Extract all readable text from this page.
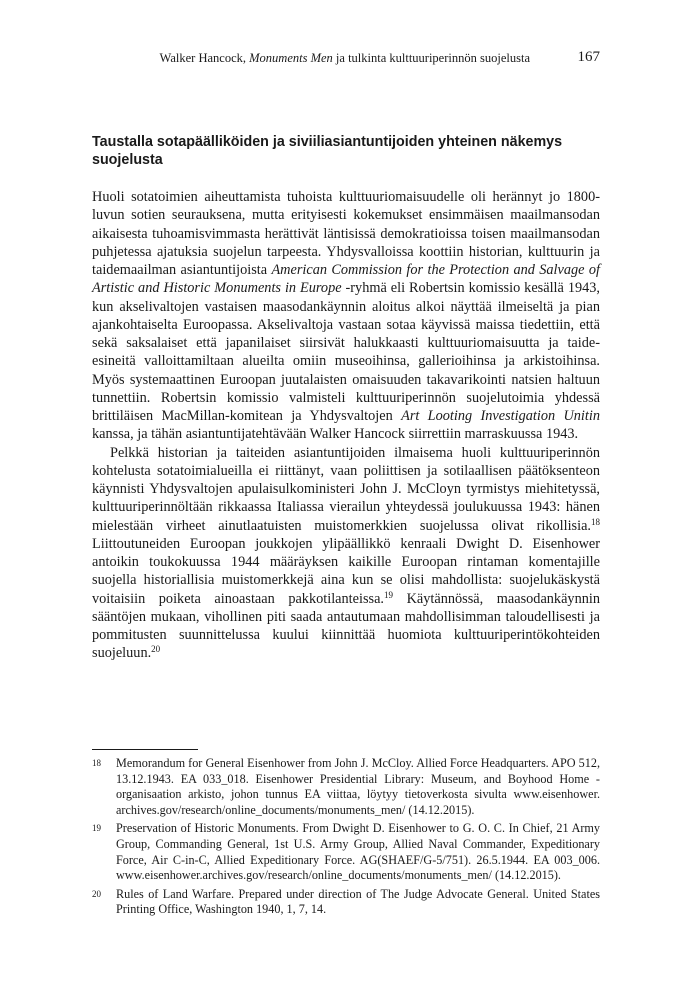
Walker Hancock, Monuments Men ja tulkinta kulttuuriperinnön suojelusta	167
Taustalla sotapäälliköiden ja siviiliasiantuntijoiden yhteinen näkemys suojelusta

Huoli sotatoimien aiheuttamista tuhoista kulttuuriomaisuudelle oli herännyt jo 1800-luvun sotien seurauksena, mutta erityisesti kokemukset ensimmäisen maailmansodan aikaisesta tuhoamisvimmasta herättivät läntisissä demokratioissa toisen maailmansodan puhjetessa ajatuksia suojelun tarpeesta. Yhdysvalloissa koottiin historian, kulttuurin ja taidemaailman asiantuntijoista American Commission for the Protection and Salvage of Artistic and Historic Monuments in Europe -ryhmä eli Robertsin komissio kesällä 1943, kun akselivaltojen vastaisen maasodankäynnin aloitus alkoi näyttää ilmeiseltä ja pian ajankohtaiselta Euroopassa. Akselivaltoja vastaan sotaa käyvissä maissa tiedettiin, että sekä saksalaiset että japanilaiset siirsivät halukkaasti kulttuuriomaisuutta ja taide-esineitä valloittamiltaan alueilta omiin museoihinsa, gallerioihinsa ja arkistoihinsa. Myös systemaattinen Euroopan juutalaisten omaisuuden takavarikointi natsien haltuun tunnettiin. Robertsin komissio valmisteli kulttuuriperinnön suojelutoimia yhdessä brittiläisen MacMillan-komitean ja Yhdysvaltojen Art Looting Investigation Unitin kanssa, ja tähän asiantuntijatehtävään Walker Hancock siirrettiin marraskuussa 1943.

Pelkkä historian ja taiteiden asiantuntijoiden ilmaisema huoli kulttuuriperinnön kohtelusta sotatoimialueilla ei riittänyt, vaan poliittisen ja sotilaallisen päätöksenteon käynnisti Yhdysvaltojen apulaisulkoministeri John J. McCloyn tyrmistys miehitetyssä, kulttuuriperinnöltään rikkaassa Italiassa vierailun yhteydessä joulukuussa 1943: hänen mielestään virheet ainutlaatuisten muistomerkkien suojelussa olivat rikollisia.$^{18}$ Liittoutuneiden Euroopan joukkojen ylipäällikkö kenraali Dwight D. Eisenhower antoikin toukokuussa 1944 määräyksen kaikille Euroopan rintaman komentajille suojella historiallisia muistomerkkejä aina kun se olisi mahdollista: suojelukäskystä voitaisiin poiketa ainoastaan pakkotilanteissa.$^{19}$ Käytännössä, maasodankäynnin sääntöjen mukaan, vihollinen piti saada antautumaan mahdollisimman taloudellisesti ja pommitusten suunnittelussa kuului kiinnittää huomiota kulttuuriperintökohteiden suojeluun.$^{20}$

18 Memorandum for General Eisenhower from John J. McCloy. Allied Force Headquarters. APO 512, 13.12.1943. EA 033_018. Eisenhower Presidential Library: Museum, and Boyhood Home -organisaation arkisto, johon tunnus EA viittaa, löytyy tietoverkosta sivulta www.eisenhower.​archives.gov/research/online_documents/monuments_men/ (14.12.2015).
19 Preservation of Historic Monuments. From Dwight D. Eisenhower to G. O. C. In Chief, 21 Army Group, Commanding General, 1st U.S. Army Group, Allied Naval Commander, Expeditionary Force, Air C-in-C, Allied Expeditionary Force. AG(SHAEF/G-5/751). 26.5.1944. EA 003_006. www.eisenhower.archives.gov/research/online_documents/monuments_men/ (14.12.2015).
20 Rules of Land Warfare. Prepared under direction of The Judge Advocate General. United States Printing Office, Washington 1940, 1, 7, 14.
